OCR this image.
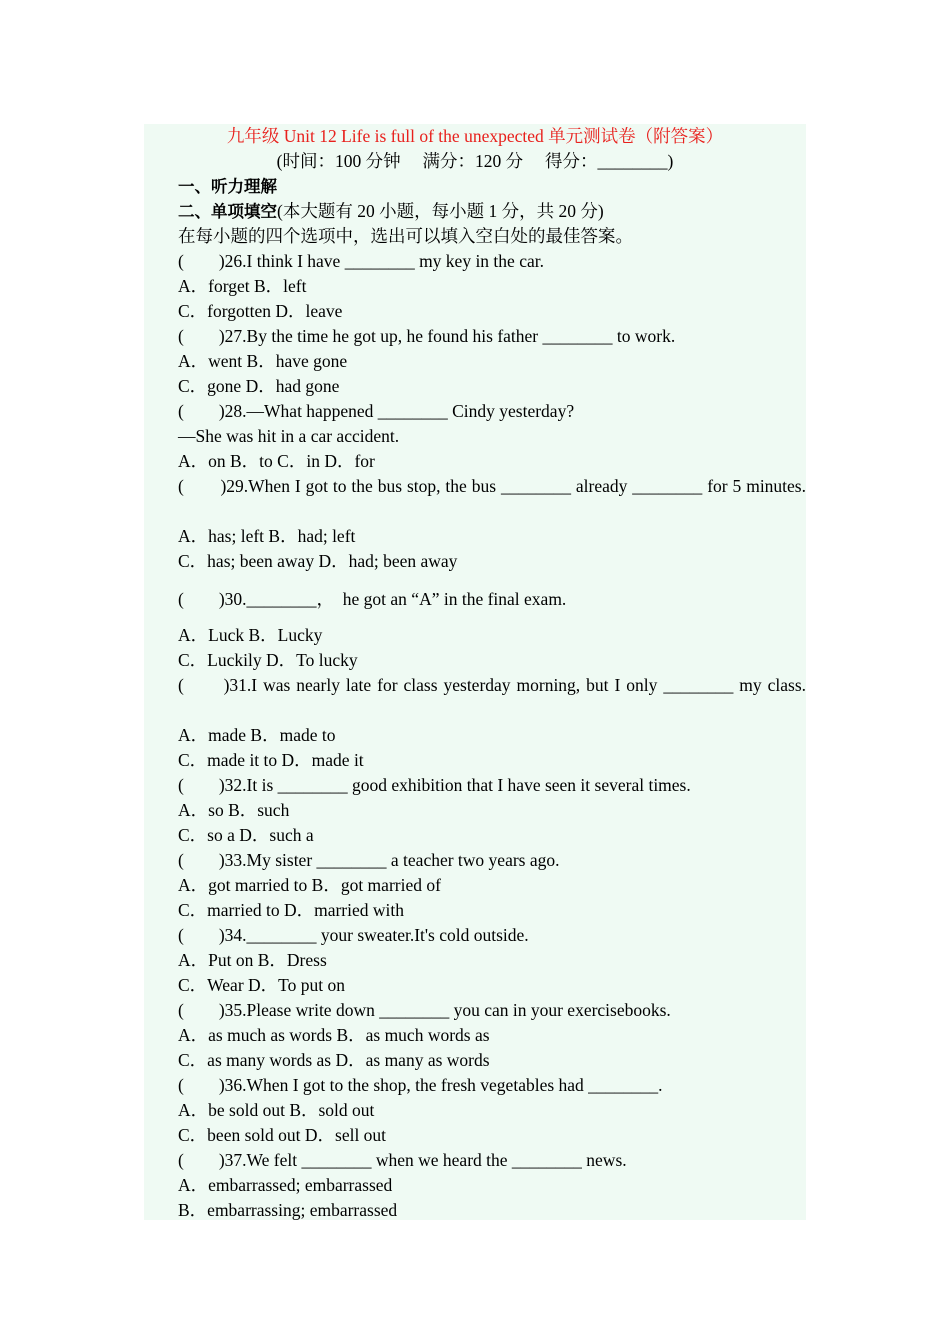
九年级 Unit 12 Life is full of the unexpected 单元测试卷（附答案）
(时间：100 分钟　 满分：120 分　 得分：________)
一、听力理解
二、单项填空(本大题有 20 小题，每小题 1 分，共 20 分)
在每小题的四个选项中，选出可以填入空白处的最佳答案。
(　　)26.I think I have ________ my key in the car.
A．forget B．left
C．forgotten D．leave
(　　)27.By the time he got up, he found his father ________ to work.
A．went B．have gone
C．gone D．had gone
(　　)28.—What happened ________ Cindy yesterday?
—She was hit in a car accident.
A．on B．to C．in D．for
(　　)29.When I got to the bus stop, the bus ________ already ________ for 5 minutes.
A．has; left B．had; left
C．has; been away D．had; been away
(　　)30.________，　he got an “A” in the final exam.
A．Luck B．Lucky
C．Luckily D．To lucky
(　　)31.I was nearly late for class yesterday morning, but I only ________ my class.
A．made B．made to
C．made it to D．made it
(　　)32.It is ________ good exhibition that I have seen it several times.
A．so B．such
C．so a D．such a
(　　)33.My sister ________ a teacher two years ago.
A．got married to B．got married of
C．married to D．married with
(　　)34.________ your sweater.It's cold outside.
A．Put on B．Dress
C．Wear D．To put on
(　　)35.Please write down ________ you can in your exercisebooks.
A．as much as words B．as much words as
C．as many words as D．as many as words
(　　)36.When I got to the shop, the fresh vegetables had ________.
A．be sold out B．sold out
C．been sold out D．sell out
(　　)37.We felt ________ when we heard the ________ news.
A．embarrassed; embarrassed
B．embarrassing; embarrassed
